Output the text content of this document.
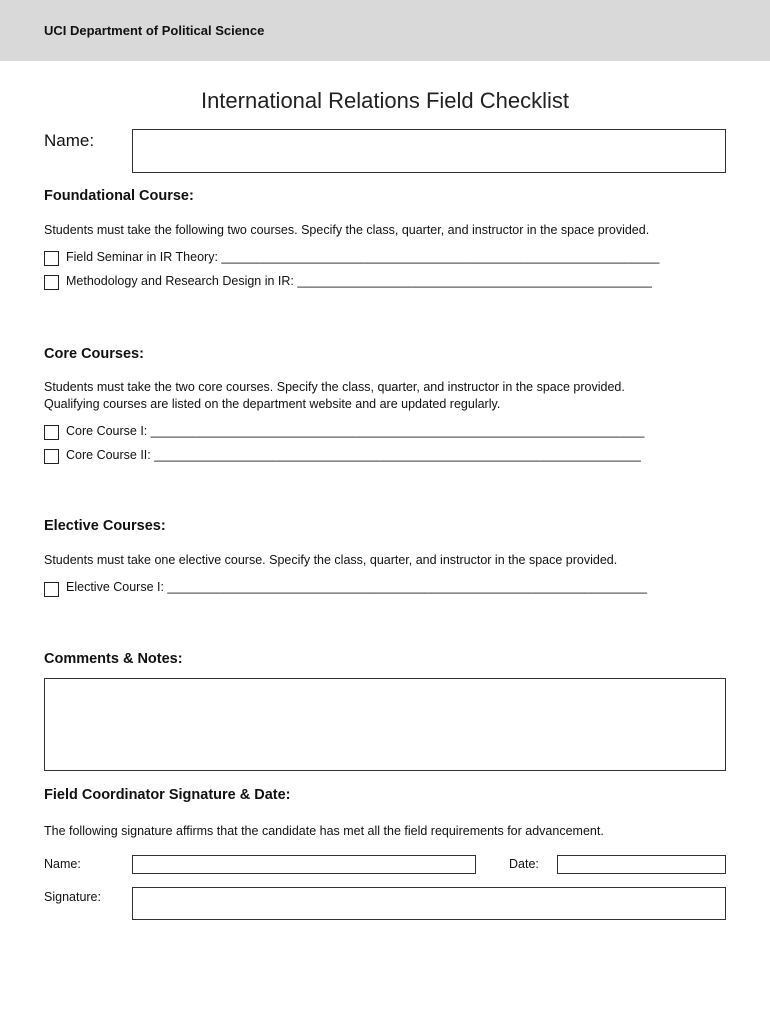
UCI Department of Political Science
International Relations Field Checklist
Name:
Foundational Course:
Students must take the following two courses. Specify the class, quarter, and instructor in the space provided.
Field Seminar in IR Theory: _______________________________________________________________
Methodology and Research Design in IR: ___________________________________________________
Core Courses:
Students must take the two core courses. Specify the class, quarter, and instructor in the space provided.
Qualifying courses are listed on the department website and are updated regularly.
Core Course I: _______________________________________________________________________
Core Course II: ______________________________________________________________________
Elective Courses:
Students must take one elective course. Specify the class, quarter, and instructor in the space provided.
Elective Course I: _____________________________________________________________________
Comments & Notes:
Field Coordinator Signature & Date:
The following signature affirms that the candidate has met all the field requirements for advancement.
Name:	Date:
Signature:
